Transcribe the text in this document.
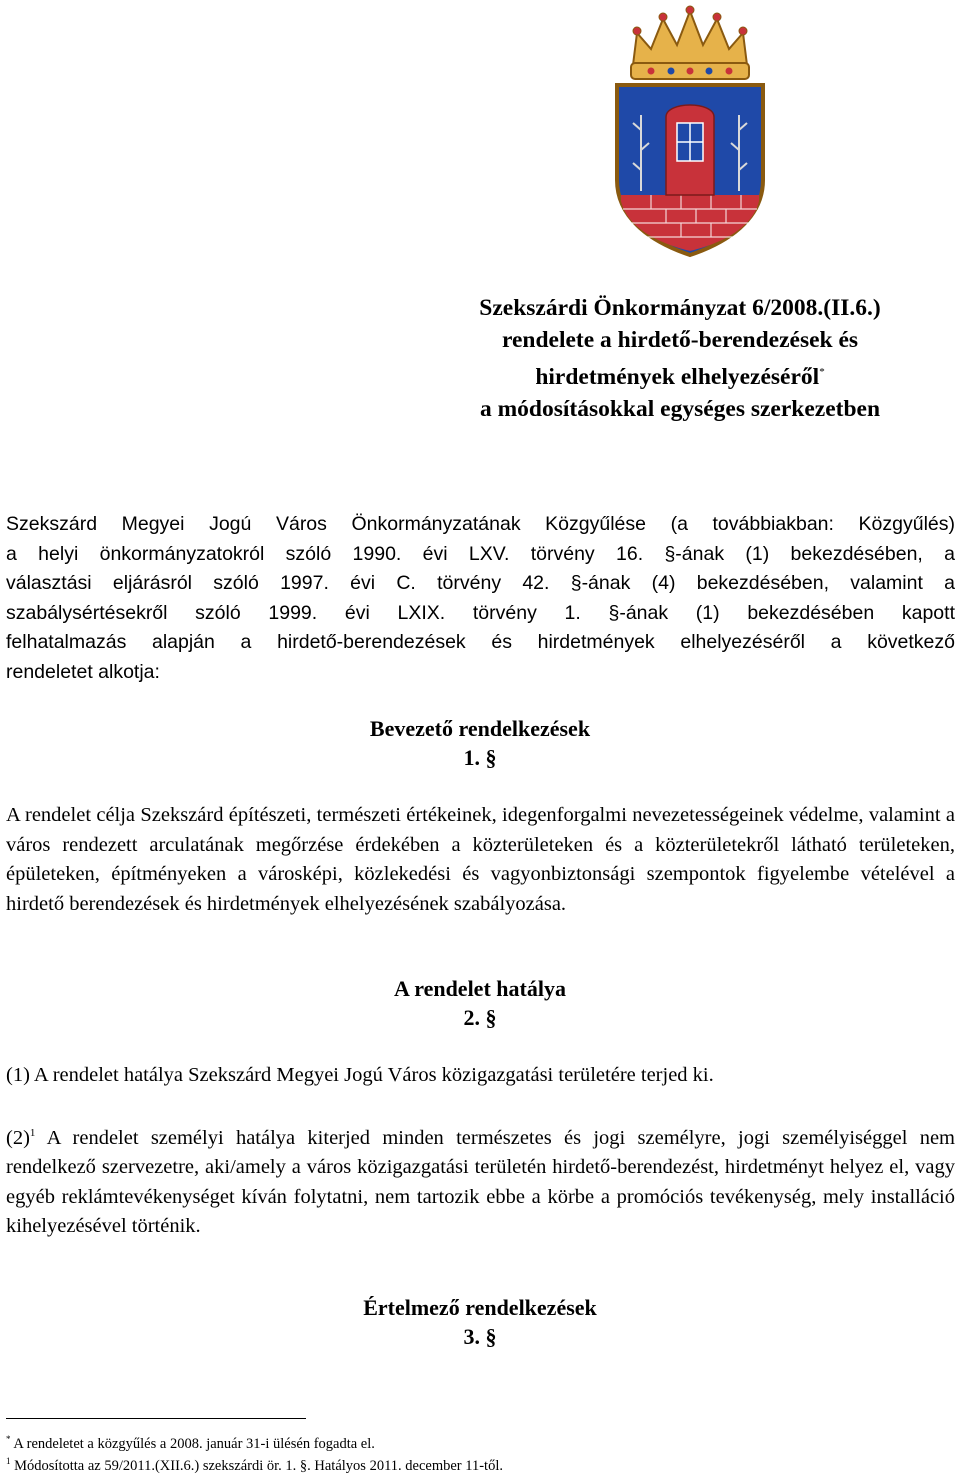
Szekszárdi Önkormányzat 6/2008.(II.6.)
rendelete a hirdető-berendezések és
hirdetmények elhelyezéséről*
a módosításokkal egységes szerkezetben
Szekszárd Megyei Jogú Város Önkormányzatának Közgyűlése (a továbbiakban: Közgyűlés)
a helyi önkormányzatokról szóló 1990. évi LXV. törvény 16. §-ának (1) bekezdésében, a
választási eljárásról szóló 1997. évi C. törvény 42. §-ának (4) bekezdésében, valamint a
szabálysértésekről szóló 1999. évi LXIX. törvény 1. §-ának (1) bekezdésében kapott
felhatalmazás alapján a hirdető-berendezések és hirdetmények elhelyezéséről a következő
rendeletet alkotja:
Bevezető rendelkezések
1. §
A rendelet célja Szekszárd építészeti, természeti értékeinek, idegenforgalmi nevezetességeinek védelme, valamint a város rendezett arculatának megőrzése érdekében a közterületeken és a közterületekről látható területeken, épületeken, építményeken a városképi, közlekedési és vagyonbiztonsági szempontok figyelembe vételével a hirdető berendezések és hirdetmények elhelyezésének szabályozása.
A rendelet hatálya
2. §
(1) A rendelet hatálya Szekszárd Megyei Jogú Város közigazgatási területére terjed ki.
(2)$^1$ A rendelet személyi hatálya kiterjed minden természetes és jogi személyre, jogi személyiséggel nem rendelkező szervezetre, aki/amely a város közigazgatási területén hirdető-berendezést, hirdetményt helyez el, vagy egyéb reklámtevékenységet kíván folytatni, nem tartozik ebbe a körbe a promóciós tevékenység, mely installáció kihelyezésével történik.
Értelmező rendelkezések
3. §
* A rendeletet a közgyűlés a 2008. január 31-i ülésén fogadta el.
$^1$ Módosította az 59/2011.(XII.6.) szekszárdi ör. 1. §. Hatályos 2011. december 11-től.
